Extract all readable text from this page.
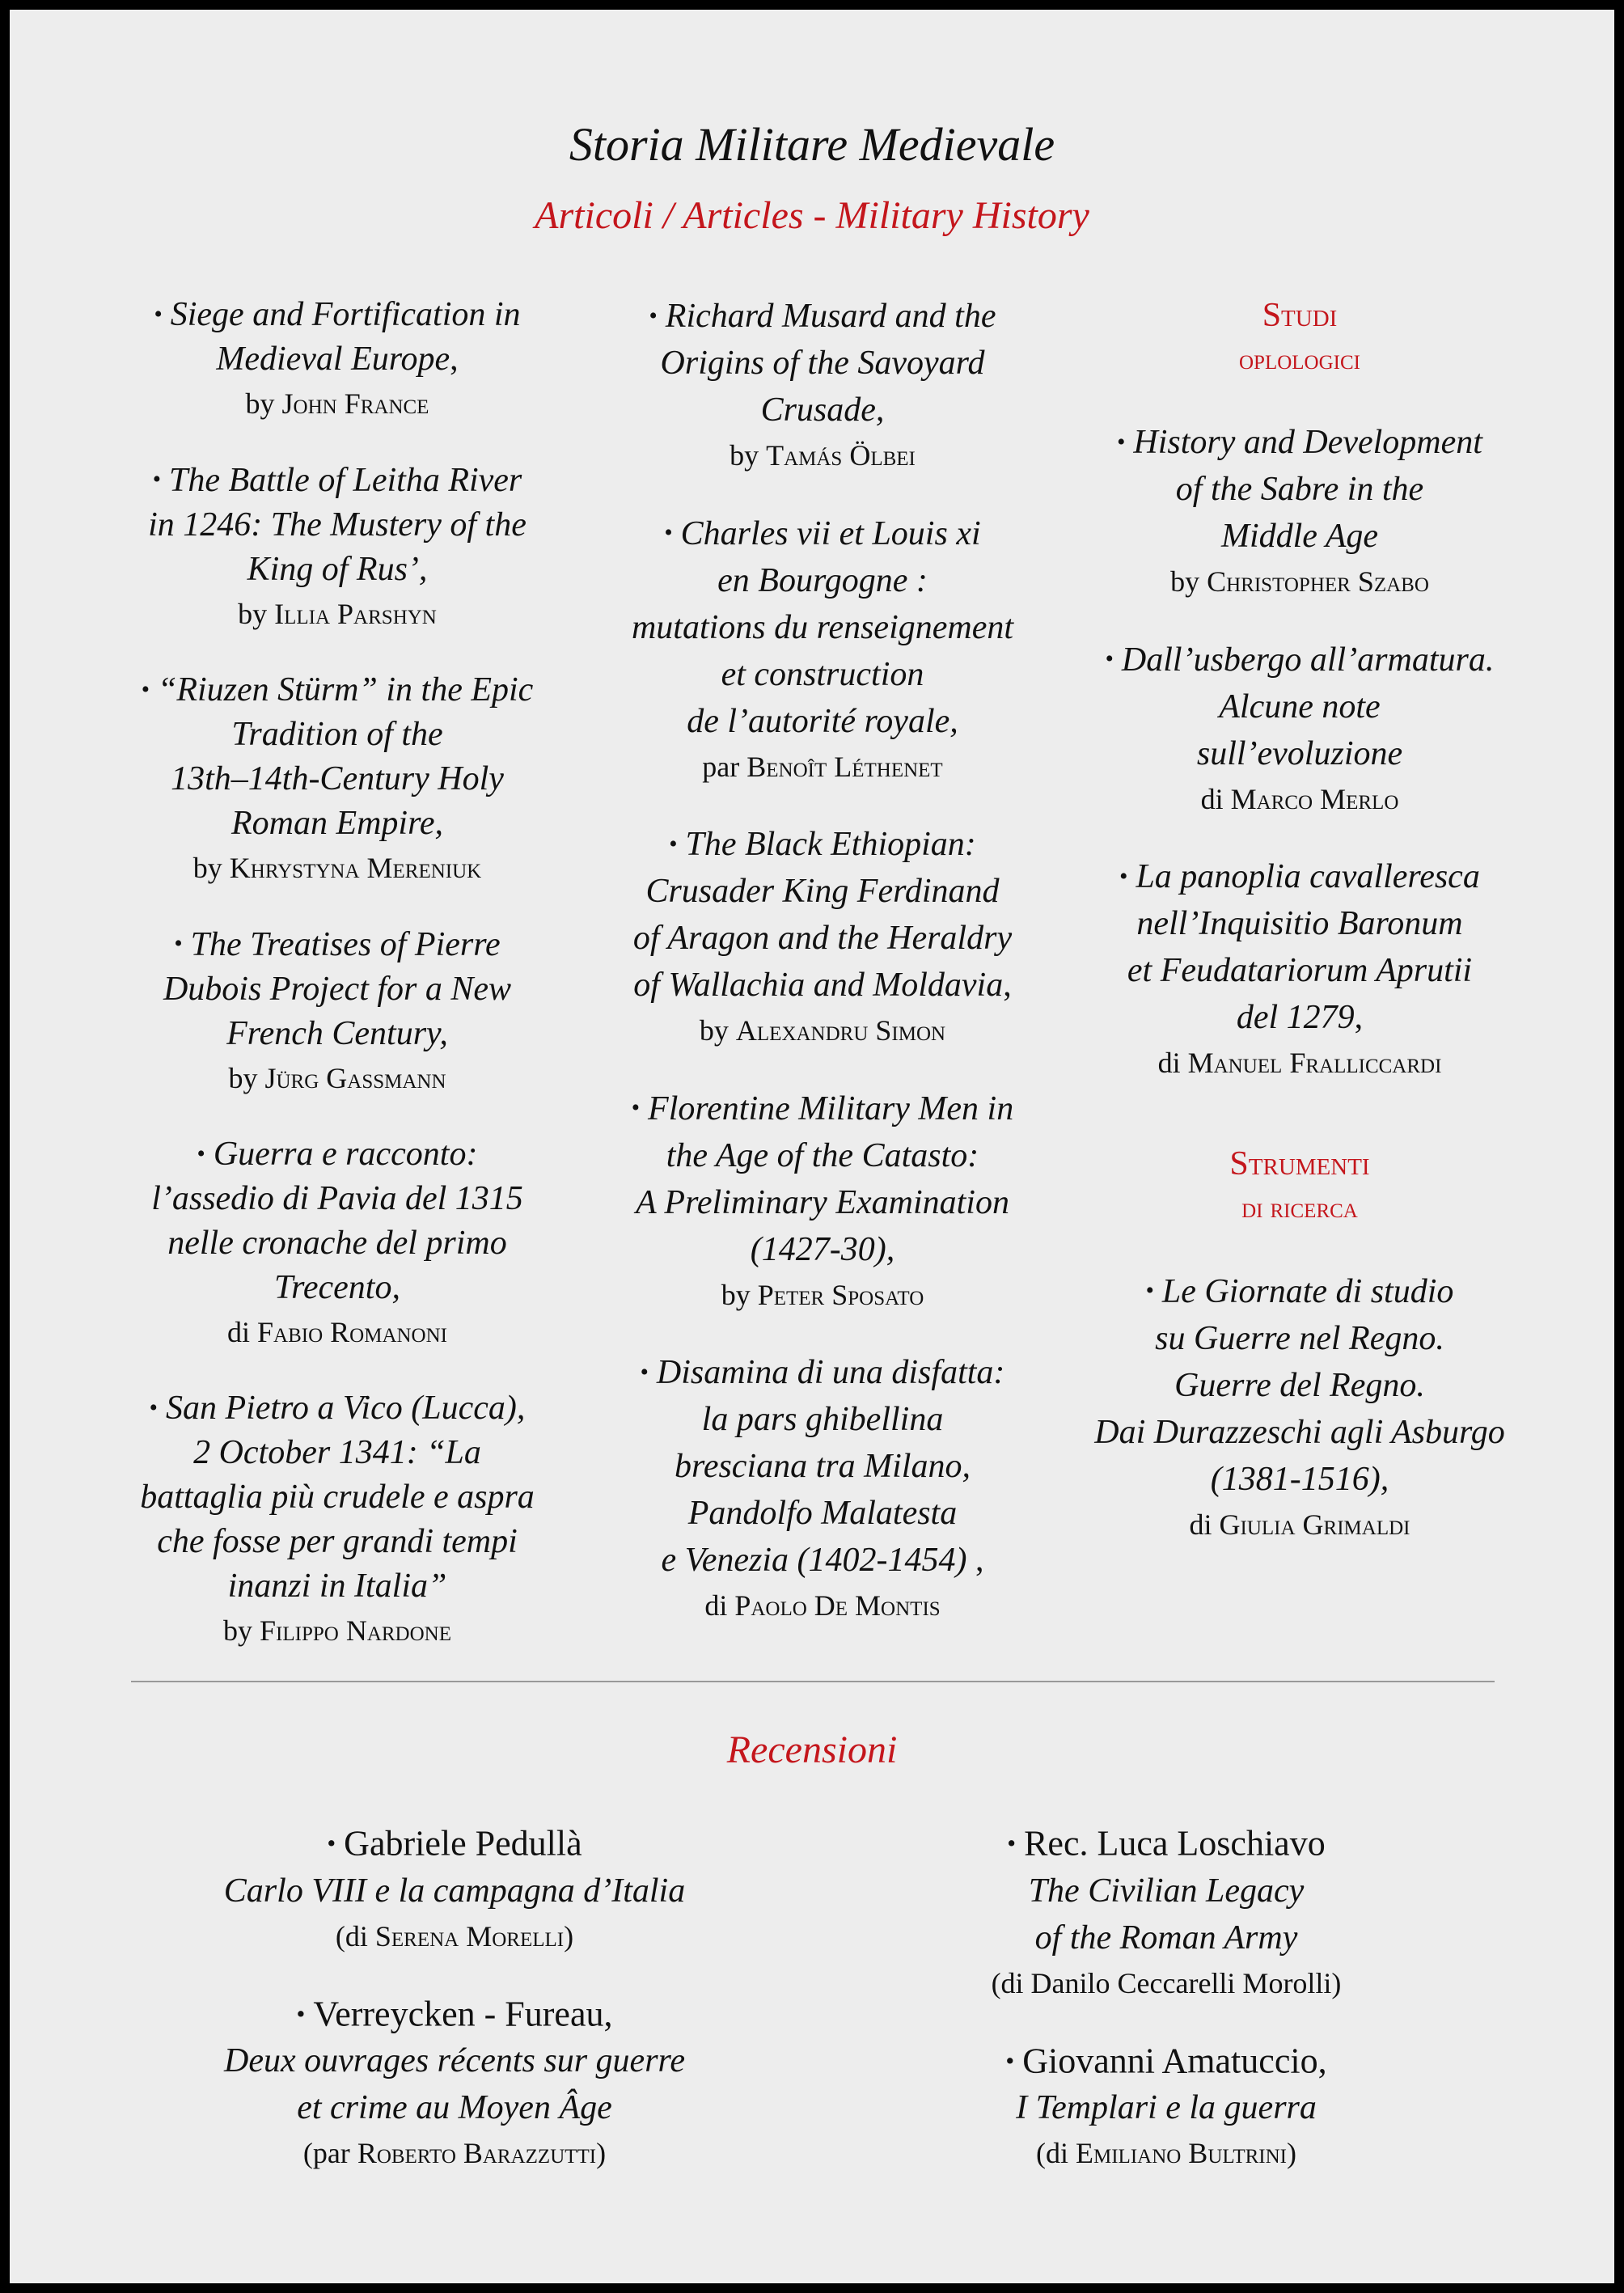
Storia Militare Medievale
Articoli / Articles - Military History
• Siege and Fortification in
Medieval Europe,
by John France
• The Battle of Leitha River
in 1246: The Mustery of the
King of Rus’,
by Illia Parshyn
• “Riuzen Stürm” in the Epic
Tradition of the
13th–14th-Century Holy
Roman Empire,
by Khrystyna Mereniuk
• The Treatises of Pierre
Dubois Project for a New
French Century,
by Jürg Gassmann
• Guerra e racconto:
l’assedio di Pavia del 1315
nelle cronache del primo
Trecento,
di Fabio Romanoni
• San Pietro a Vico (Lucca),
2 October 1341: “La
battaglia più crudele e aspra
che fosse per grandi tempi
inanzi in Italia”
by Filippo Nardone
• Richard Musard and the
Origins of the Savoyard
Crusade,
by Tamás Ölbei
• Charles vii et Louis xi
en Bourgogne :
mutations du renseignement
et construction
de l’autorité royale,
par Benoît Léthenet
• The Black Ethiopian:
Crusader King Ferdinand
of Aragon and the Heraldry
of Wallachia and Moldavia,
by Alexandru Simon
• Florentine Military Men in
the Age of the Catasto:
A Preliminary Examination
(1427-30),
by Peter Sposato
• Disamina di una disfatta:
la pars ghibellina
bresciana tra Milano,
Pandolfo Malatesta
e Venezia (1402-1454) ,
di Paolo De Montis
Studi
oplologici
• History and Development
of the Sabre in the
Middle Age
by Christopher Szabo
• Dall’usbergo all’armatura.
Alcune note
sull’evoluzione
di Marco Merlo
• La panoplia cavalleresca
nell’Inquisitio Baronum
et Feudatariorum Aprutii
del 1279,
di Manuel Fralliccardi
Strumenti
di ricerca
• Le Giornate di studio
su Guerre nel Regno.
Guerre del Regno.
Dai Durazzeschi agli Asburgo
(1381-1516),
di Giulia Grimaldi
Recensioni
• Gabriele Pedullà
Carlo VIII e la campagna d’Italia
(di Serena Morelli)
• Verreycken - Fureau,
Deux ouvrages récents sur guerre
et crime au Moyen Âge
(par Roberto Barazzutti)
• Rec. Luca Loschiavo
The Civilian Legacy
of the Roman Army
(di Danilo Ceccarelli Morolli)
• Giovanni Amatuccio,
I Templari e la guerra
(di Emiliano Bultrini)
